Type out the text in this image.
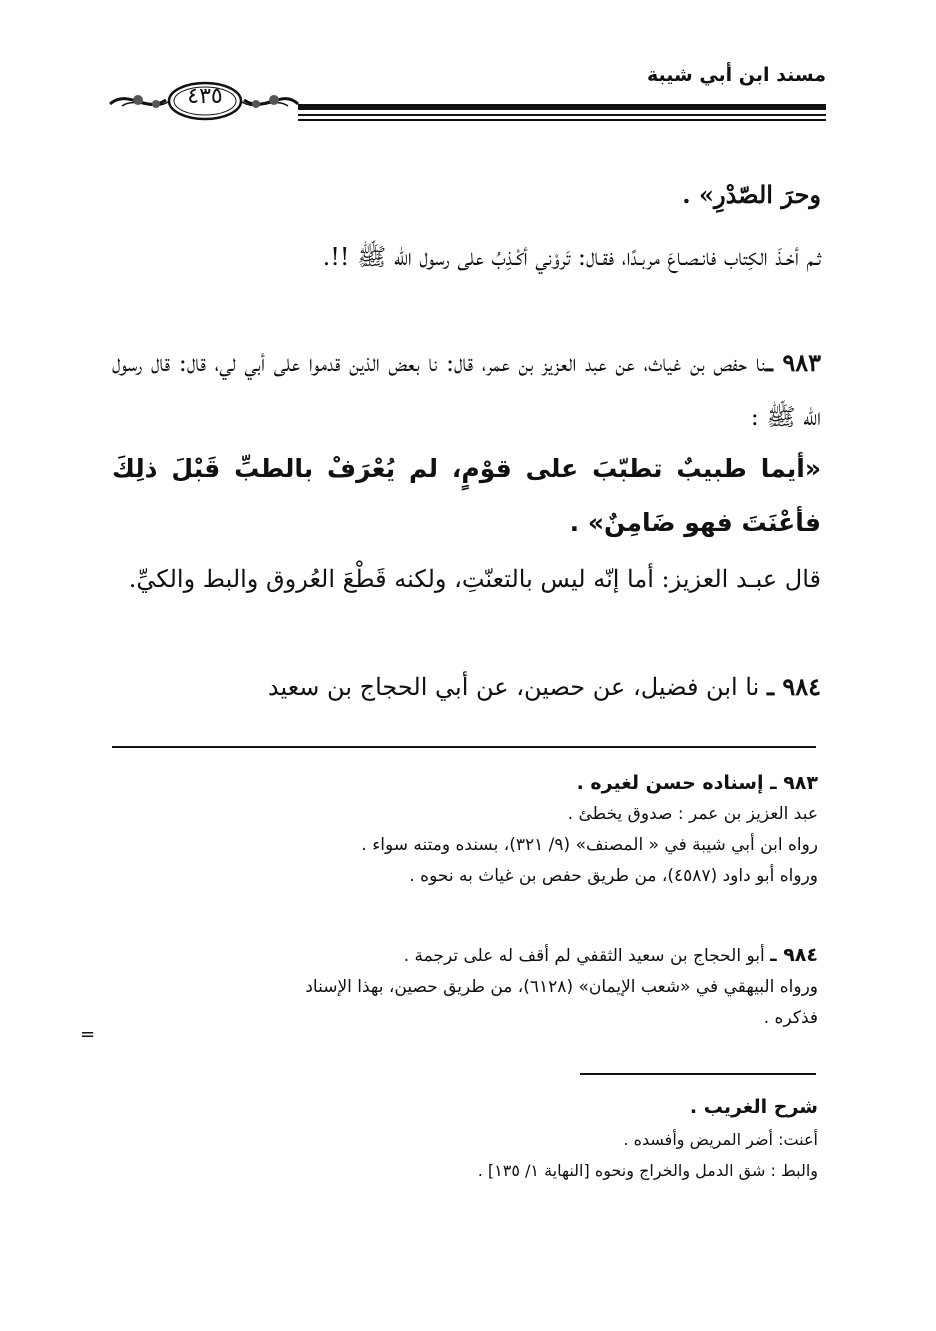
مسند ابن أبي شيبة
٤٣٥

وحرَ الصّدْرِ» .

ثـم أخـذَ الكِتاب فانـصـاعَ مربـدًا، فقـال: تَروْني أكْـذِبُ على رسول الله ﷺ !!.

٩٨٣ ـنا حفص بن غياث، عن عبد العزيز بن عمر، قال: نا بعض الذين قدموا على أبي لي، قال: قال رسول الله ﷺ :

«أيما طبيبٌ تطبّبَ على قوْمٍ، لم يُعْرَفْ بالطبِّ قَبْلَ ذلِكَ فأعْنَتَ فهو ضَامِنٌ» .

قال عبـد العزيز: أما إنّه ليس بالتعنّتِ، ولكنه قَطْعَ العُروق والبط والكيِّ.

٩٨٤ ـ نا ابن فضيل، عن حصين، عن أبي الحجاج بن سعيد

٩٨٣ ـ إسناده حسن لغيره .

عبد العزيز بن عمر : صدوق يخطئ .

رواه ابن أبي شيبة في « المصنف» (٩/ ٣٢١)، بسنده ومتنه سواء .

ورواه أبو داود (٤٥٨٧)، من طريق حفص بن غياث به نحوه .

٩٨٤ ـ أبو الحجاج بن سعيد الثقفي لم أقف له على ترجمة .

ورواه البيهقي في «شعب الإيمان» (٦١٢٨)، من طريق حصين، بهذا الإسناد

فذكره .

شرح الغريب .

أعنت: أضر المريض وأفسده .

والبط : شق الدمل والخراج ونحوه [النهاية ١/ ١٣٥] .

=
